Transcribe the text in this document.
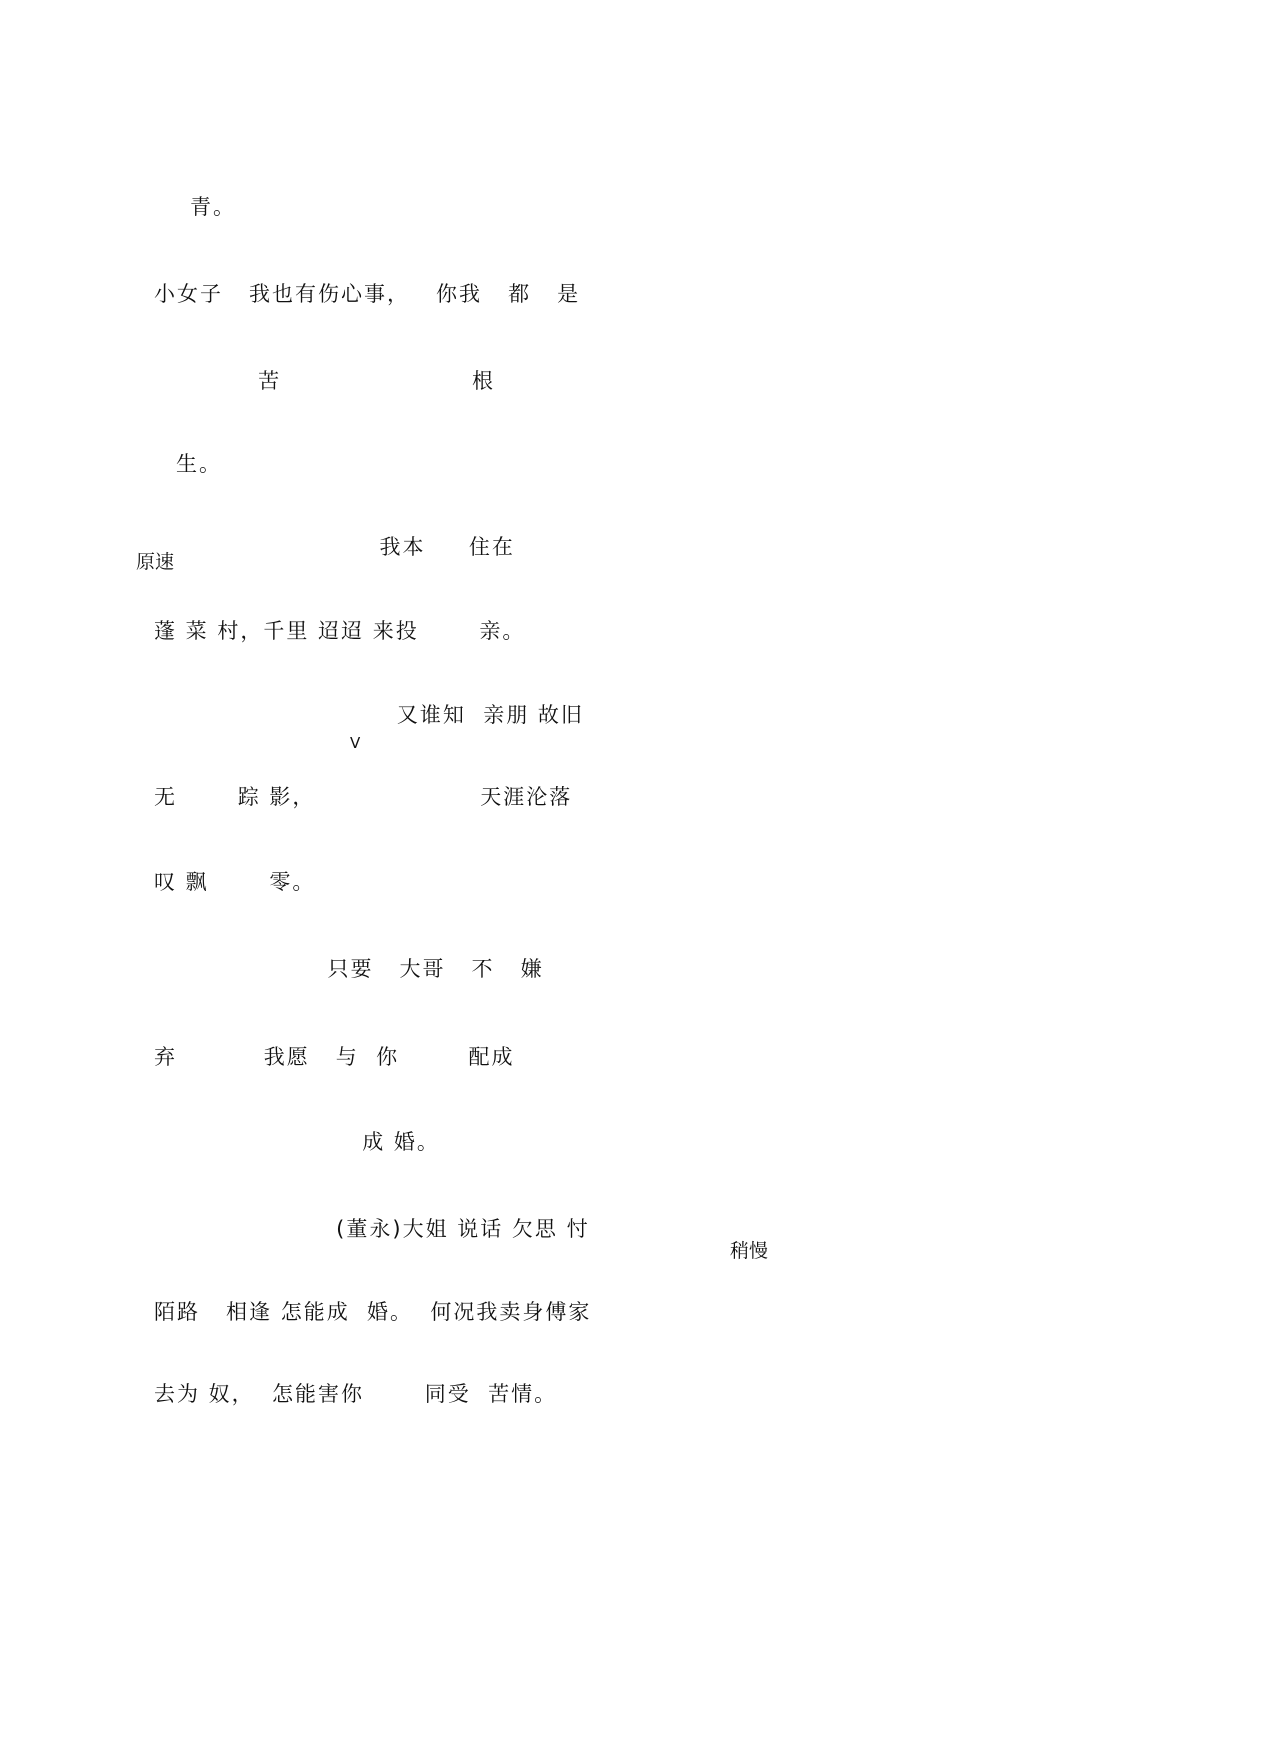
青。

小女子   我也有伤心事，   你我   都   是

苦                      根

生。

我本     住在
原速

蓬 菜 村，千里 迢迢 来投       亲。

又谁知  亲朋 故旧

无       踪 影，                   天涯沦落
V

叹 飘       零。

只要   大哥   不   嫌

弃          我愿   与  你        配成

成 婚。

(董永)大姐 说话 欠思 忖
稍慢

陌路   相逢 怎能成  婚。  何况我卖身傅家

去为 奴，  怎能害你       同受  苦情。
